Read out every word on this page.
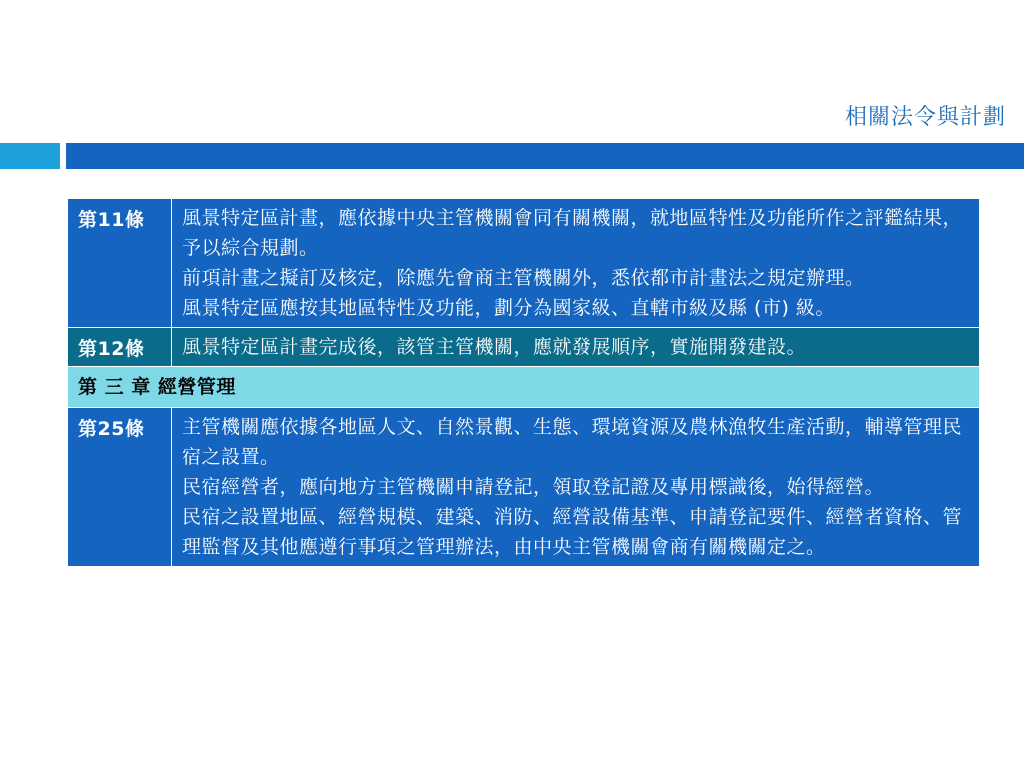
相關法令與計劃
第11條	風景特定區計畫，應依據中央主管機關會同有關機關，就地區特性及功能所作之評鑑結果，予以綜合規劃。

前項計畫之擬訂及核定，除應先會商主管機關外，悉依都市計畫法之規定辦理。

風景特定區應按其地區特性及功能，劃分為國家級、直轄市級及縣 (市) 級。

第12條	風景特定區計畫完成後，該管主管機關，應就發展順序，實施開發建設。

第 三 章 經營管理	
第25條	主管機關應依據各地區人文、自然景觀、生態、環境資源及農林漁牧生產活動，輔導管理民宿之設置。

民宿經營者，應向地方主管機關申請登記，領取登記證及專用標識後，始得經營。

民宿之設置地區、經營規模、建築、消防、經營設備基準、申請登記要件、經營者資格、管理監督及其他應遵行事項之管理辦法，由中央主管機關會商有關機關定之。
